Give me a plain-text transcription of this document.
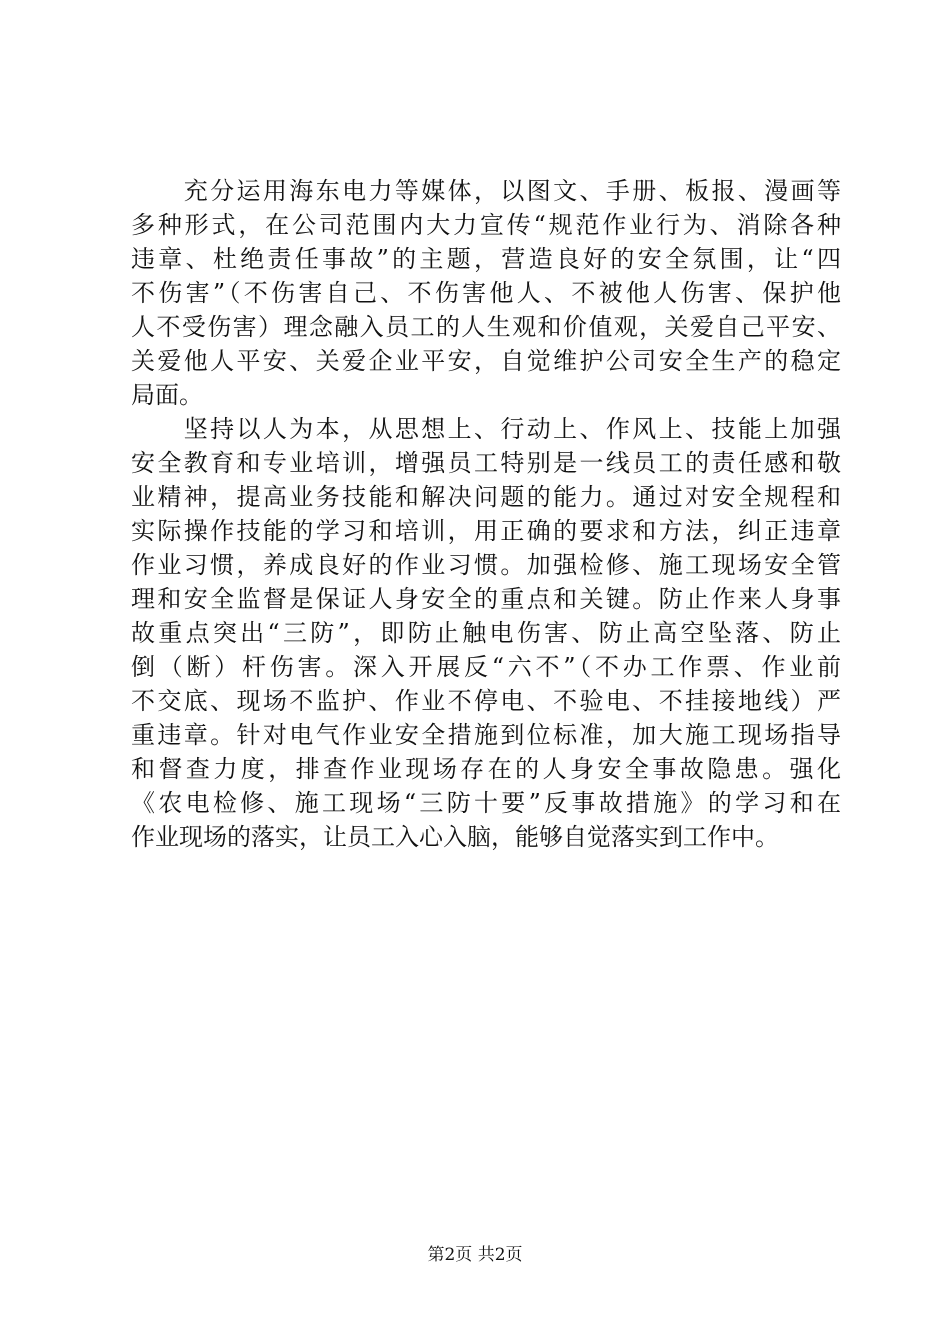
　　充分运用海东电力等媒体，以图文、手册、板报、漫画等
多种形式，在公司范围内大力宣传“规范作业行为、消除各种
违章、杜绝责任事故”的主题，营造良好的安全氛围，让“四
不伤害”（不伤害自己、不伤害他人、不被他人伤害、保护他
人不受伤害）理念融入员工的人生观和价值观，关爱自己平安、
关爱他人平安、关爱企业平安，自觉维护公司安全生产的稳定
局面。
　　坚持以人为本，从思想上、行动上、作风上、技能上加强
安全教育和专业培训，增强员工特别是一线员工的责任感和敬
业精神，提高业务技能和解决问题的能力。通过对安全规程和
实际操作技能的学习和培训，用正确的要求和方法，纠正违章
作业习惯，养成良好的作业习惯。加强检修、施工现场安全管
理和安全监督是保证人身安全的重点和关键。防止作来人身事
故重点突出“三防”，即防止触电伤害、防止高空坠落、防止
倒（断）杆伤害。深入开展反“六不”（不办工作票、作业前
不交底、现场不监护、作业不停电、不验电、不挂接地线）严
重违章。针对电气作业安全措施到位标准，加大施工现场指导
和督查力度，排查作业现场存在的人身安全事故隐患。强化
《农电检修、施工现场“三防十要”反事故措施》的学习和在
作业现场的落实，让员工入心入脑，能够自觉落实到工作中。
第2页 共2页
